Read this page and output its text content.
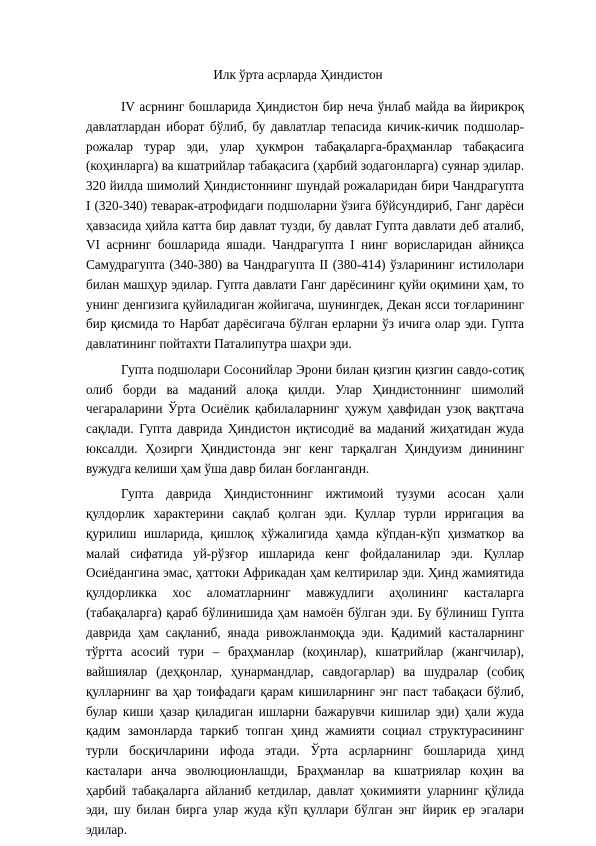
Илк ўрта асрларда Ҳиндистон

IV асрнинг бошларида Ҳиндистон бир неча ўнлаб майда ва йирикроқ давлатлардан иборат бўлиб, бу давлатлар тепасида кичик-кичик подшолар-рожалар турар эди, улар ҳукмрон табақаларга-браҳманлар табақасига (коҳинларга) ва кшатрийлар табақасига (ҳарбий зодагонларга) суянар эдилар. 320 йилда шимолий Ҳиндистоннинг шундай рожаларидан бири Чандрагупта I (320-340) теварак-атрофидаги подшоларни ўзига бўйсундириб, Ганг дарёси ҳавзасида ҳийла катта бир давлат тузди, бу давлат Гупта давлати деб аталиб, VI асрнинг бошларида яшади. Чандрагупта I нинг ворисларидан айниқса Самудрагупта (340-380) ва Чандрагупта II (380-414) ўзларининг истилолари билан машҳур эдилар. Гупта давлати Ганг дарёсининг қуйи оқимини ҳам, то унинг денгизига қуйиладиган жойигача, шунингдек, Декан ясси тоғларининг бир қисмида то Нарбат дарёсигача бўлган ерларни ўз ичига олар эди. Гупта давлатининг пойтахти Паталипутра шаҳри эди.

Гупта подшолари Сосонийлар Эрони билан қизгин қизгин савдо-сотиқ олиб борди ва маданий алоқа қилди. Улар Ҳиндистоннинг шимолий чегараларини Ўрта Осиёлик қабилаларнинг ҳужум ҳавфидан узоқ вақтгача сақлади. Гупта даврида Ҳиндистон иқтисодиё ва маданий жиҳатидан жуда юксалди. Ҳозирги Ҳиндистонда энг кенг тарқалган Ҳиндуизм динининг вужудга келиши ҳам ўша давр билан боғлангандн.

Гупта даврида Ҳиндистоннинг ижтимоий тузуми асосан ҳали қулдорлик характерини сақлаб қолган эди. Қуллар турли ирригация ва қурилиш ишларида, қишлоқ хўжалигида ҳамда кўпдан-кўп ҳизматкор ва малай сифатида уй-рўзғор ишларида кенг фойдаланилар эди. Қуллар Осиёдангина эмас, ҳаттоки Африкадан ҳам келтирилар эди. Ҳинд жамиятида қулдорликка хос аломатларнинг мавжудлиги аҳолининг касталарга (табақаларга) қараб бўлинишида ҳам намоён бўлган эди. Бу бўлиниш Гупта даврида ҳам сақланиб, янада ривожланмоқда эди. Қадимий касталарнинг тўртта асосий тури – браҳманлар (коҳинлар), кшатрийлар (жангчилар), вайшиялар (деҳқонлар, ҳунармандлар, савдогарлар) ва шудралар (собиқ қулларнинг ва ҳар тоифадаги қарам кишиларнинг энг паст табақаси бўлиб, булар киши ҳазар қиладиган ишларни бажарувчи кишилар эди) ҳали жуда қадим замонларда таркиб топган ҳинд жамияти социал структурасининг турли босқичларини ифода этади. Ўрта асрларнинг бошларида ҳинд касталари анча эволюционлашди, Браҳманлар ва кшатриялар коҳин ва ҳарбий табақаларга айланиб кетдилар, давлат ҳокимияти уларнинг қўлида эди, шу билан бирга улар жуда кўп қуллари бўлган энг йирик ер эгалари эдилар.
